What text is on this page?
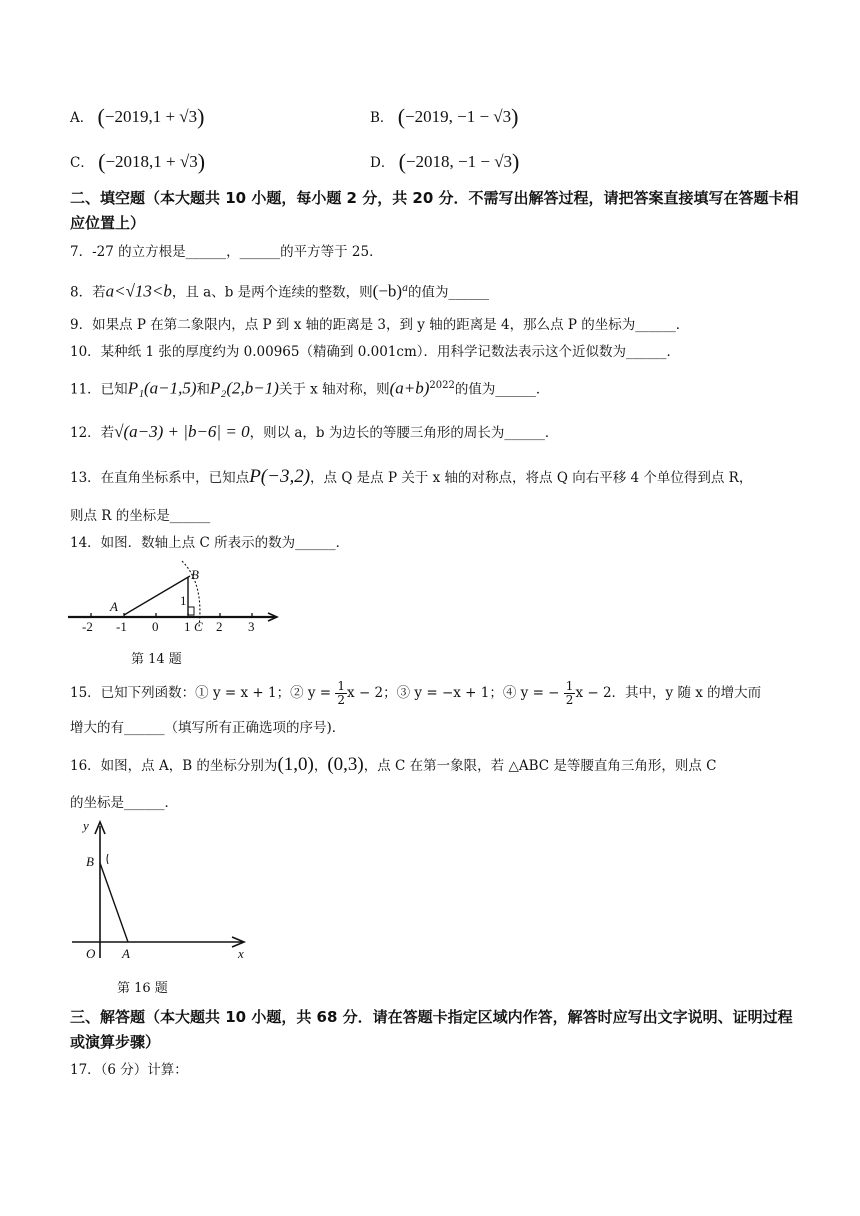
A． (−2019,1 + √3)	B． (−2019, −1 − √3)
C． (−2018,1 + √3)	D． (−2018, −1 − √3)
二、填空题（本大题共 10 小题，每小题 2 分，共 20 分．不需写出解答过程，请把答案直接填写在答题卡相应位置上）
7．-27 的立方根是______，______的平方等于 25．
8．若a<√13<b，且 a、b 是两个连续的整数，则$(-b)^a$的值为______
9．如果点 P 在第二象限内，点 P 到 x 轴的距离是 3，到 y 轴的距离是 4，那么点 P 的坐标为______．
10．某种纸 1 张的厚度约为 0.00965（精确到 0.001cm）．用科学记数法表示这个近似数为______．
11．已知P₁(a−1,5)和P₂(2,b−1)关于 x 轴对称，则$(a+b)^{2022}$的值为______．
12．若√(a−3) + |b−6| = 0，则以 a，b 为边长的等腰三角形的周长为______．
13．在直角坐标系中，已知点P(−3,2)，点 Q 是点 P 关于 x 轴的对称点，将点 Q 向右平移 4 个单位得到点 R，
则点 R 的坐标是______
14．如图．数轴上点 C 所表示的数为______．
-2 -1 0 1 2 3
C
A
B
1
第 14 题
15．已知下列函数：① y = x + 1；② $y = \frac{1}{2}$ x − 2；③ y = −x + 1；④ y = − $\frac{1}{2}$ x − 2．其中，y 随 x 的增大而
增大的有______（填写所有正确选项的序号)．
16．如图，点 A，B 的坐标分别为(1,0)，(0,3)，点 C 在第一象限，若 △ABC 是等腰直角三角形，则点 C
的坐标是______．
y
x
O A
B
第 16 题
三、解答题（本大题共 10 小题，共 68 分．请在答题卡指定区域内作答，解答时应写出文字说明、证明过程或演算步骤）
17．（6 分）计算：
